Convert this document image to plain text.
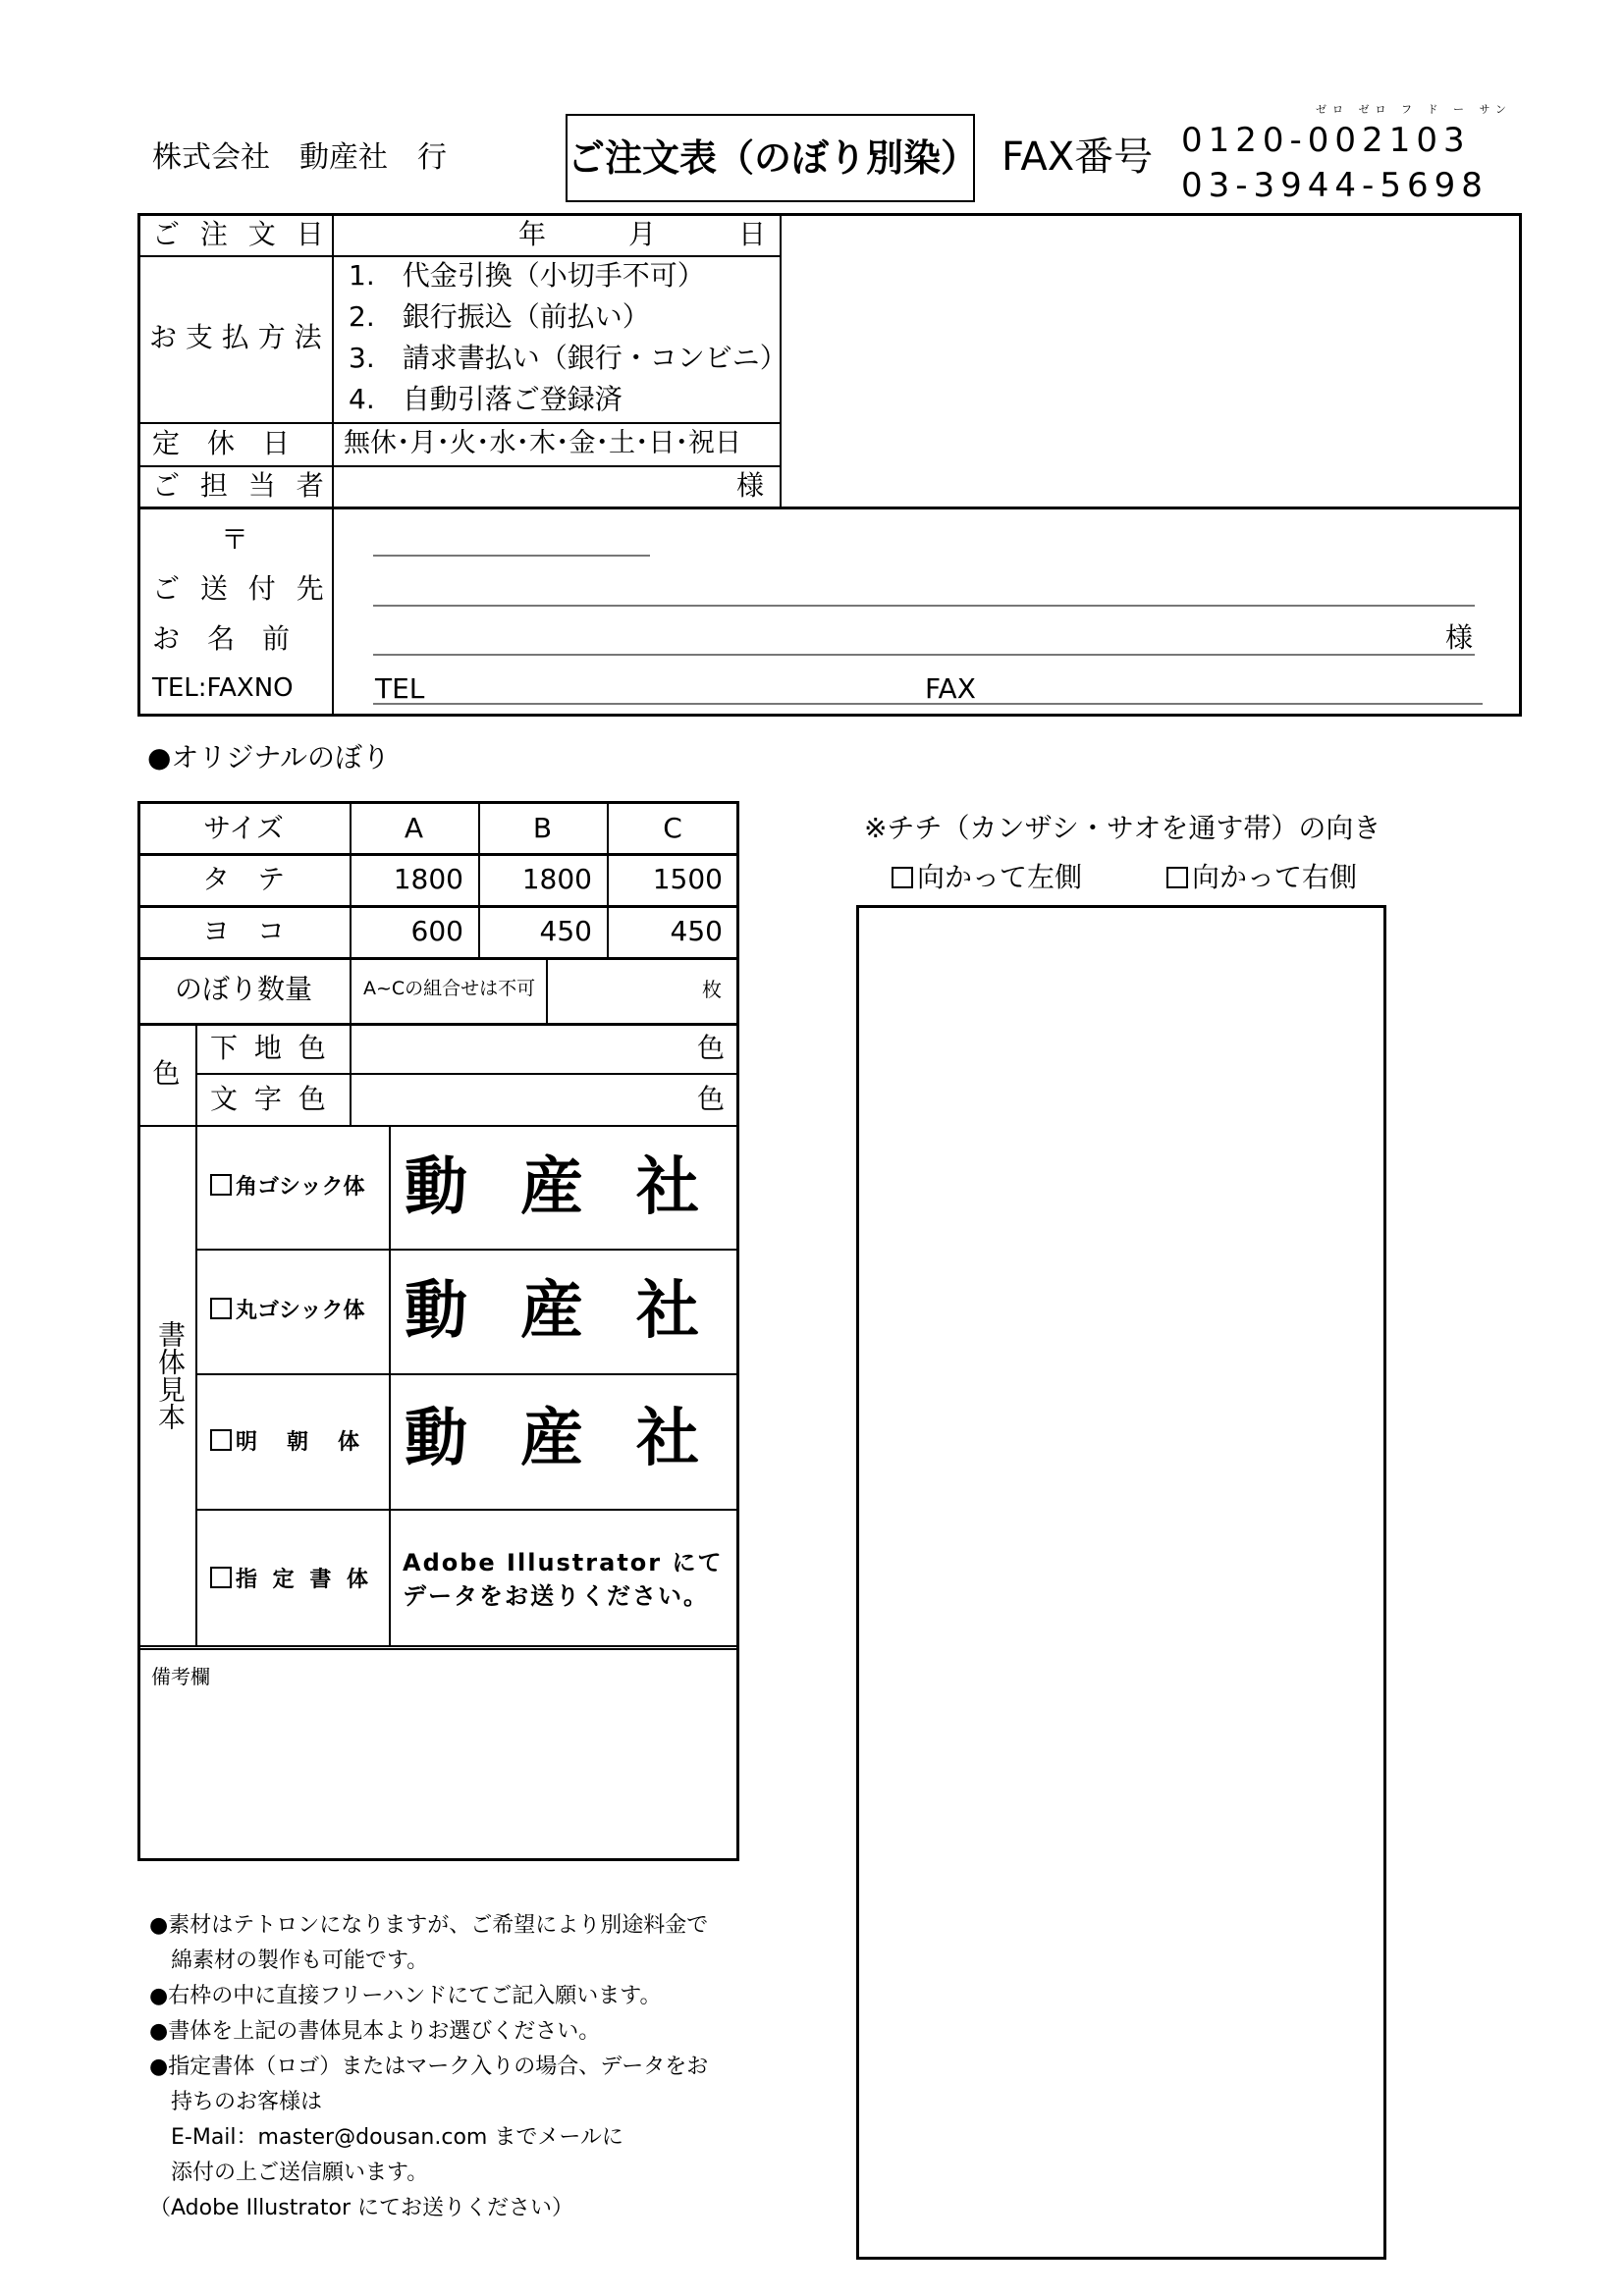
株式会社　動産社　行	ご注文表（のぼり別染） FAX番号
ゼロ ゼロ フ ド ー サン
0120-002103
03-3944-5698
ご 注 文 日	年	月	日
お 支 払 方 法
1.　代金引換（小切手不可）
2.　銀行振込（前払い）
3.　請求書払い（銀行・コンビニ）
4.　自動引落ご登録済
定　休　日 無休･月･火･水･木･金･土･日･祝日
ご 担 当 者	様
〒
ご 送 付 先
お　名　前
TEL:FAXNO
様
TEL	FAX
●オリジナルのぼり
サイズ	A	B	C
タ　テ	1800	1800	1500
ヨ　コ	600	450	450
のぼり数量	A~Cの組合せは不可	枚
色
下 地 色	色
文 字 色	色
書体見本
角ゴシック体 動産社
丸ゴシック体 動産社
明　朝　体 動産社
指 定 書 体
Adobe Illustrator にて
データをお送りください。
備考欄
※チチ（カンザシ・サオを通す帯）の向き
向かって左側	向かって右側
●素材はテトロンになりますが、ご希望により別途料金で
　綿素材の製作も可能です。
●右枠の中に直接フリーハンドにてご記入願います。
●書体を上記の書体見本よりお選びください。
●指定書体（ロゴ）またはマーク入りの場合、データをお
　持ちのお客様は
　E-Mail：master@dousan.com までメールに
　添付の上ご送信願います。
（Adobe Illustrator にてお送りください）
